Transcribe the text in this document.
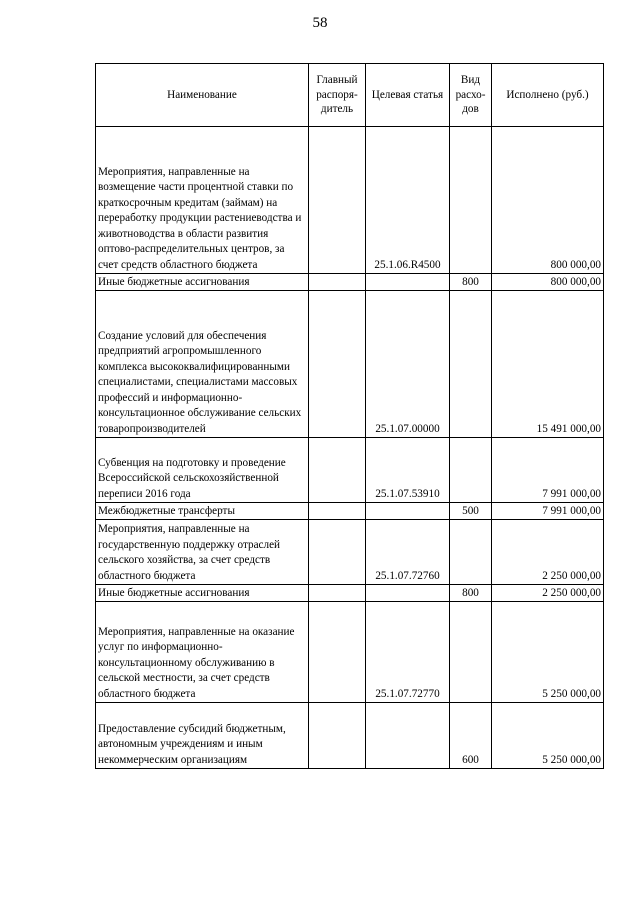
58
Наименование	Главный распоря-дитель	Целевая статья	Вид расхо-дов	Исполнено (руб.)
Мероприятия, направленные на возмещение части процентной ставки по краткосрочным кредитам (займам) на переработку продукции растениеводства и животноводства в области развития оптово-распределительных центров, за счет средств областного бюджета		25.1.06.R4500		800 000,00
Иные бюджетные ассигнования			800	800 000,00
Создание условий для обеспечения предприятий агропромышленного комплекса высококвалифицированными специалистами, специалистами массовых профессий и информационно-консультационное обслуживание сельских товаропроизводителей		25.1.07.00000		15 491 000,00
Субвенция на подготовку и проведение Всероссийской сельскохозяйственной переписи 2016 года		25.1.07.53910		7 991 000,00
Межбюджетные трансферты			500	7 991 000,00
Мероприятия, направленные на государственную поддержку отраслей сельского хозяйства, за счет средств областного бюджета		25.1.07.72760		2 250 000,00
Иные бюджетные ассигнования			800	2 250 000,00
Мероприятия, направленные на оказание услуг по информационно-консультационному обслуживанию в сельской местности, за счет средств областного бюджета		25.1.07.72770		5 250 000,00
Предоставление субсидий бюджетным, автономным учреждениям и иным некоммерческим организациям			600	5 250 000,00
